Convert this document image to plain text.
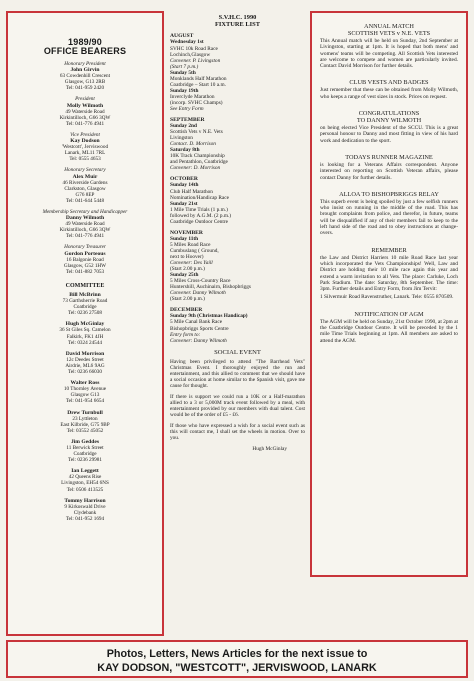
1989/90
OFFICE BEARERS
Honorary President
John Girvin
63 Cowdenhill Crescent
Glasgow, G13 2RB
Tel: 041-959 2420
President
Molly Wilmoth
49 Waterside Road
Kirkintilloch, G66 3QW
Tel: 041-776 4941
Vice President
Kay Dodson
'Westcott', Jerviswood
Lanark, ML11 7RL
Tel: 0555 4653
Honorary Secretary
Alex Muir
46 Riverside Gardens
Clarkston, Glasgow
G76 8EP
Tel: 041-644 5448
Membership Secretary and Handicapper
Danny Wilmoth
49 Waterside Road
Kirkintilloch, G66 3QW
Tel: 041-776 4941
Honorary Treasurer
Gordon Porteous
16 Balgonie Road
Glasgow, G52 1HW
Tel: 041-882 7053
COMMITTEE
Bill McBrinn
73 Garthsherrie Road
Coatbridge
Tel: 0236 27508
Hugh McGinlay
36 St Giles Sq. Camelon
Falkirk, FK1 4JH
Tel: 0324 24544
David Morrison
12c Deedes Street
Airdrie, ML6 9AG
Tel: 0236 66030
Walter Ross
10 Thornley Avenue
Glasgow G13
Tel: 041-954 6654
Drew Turnbull
23 Lyttleton
East Kilbride, G75 9BP
Tel: 03552 45052
Jim Geddes
11 Berwick Street
Coatbridge
Tel: 0236 29981
Ian Leggett
42 Queens Rise
Livingston, EH54 6NS
Tel: 0506 413525
Tommy Harrison
9 Kirkoswald Drive
Clydebank
Tel: 041-952 1694
S.V.H.C. 1990
FIXTURE LIST
AUGUST
Wednesday 1st
SVHC 10k Road Race
Lochinch,Glasgow
Convener. P. Livingston
(Start 7 p.m.)
Sunday 5th
Monklands Half Marathon
Coatbridge – Start 10 a.m.
Sunday 19th
Inverclyde Marathon
(incorp. SVHC Champs)
See Entry Form
SEPTEMBER
Sunday 2nd
Scottish Vets v N.E. Vets
Livingston
Contact. D. Morrison
Saturday 8th
10K Track Championship
and Pentathlon, Coatbridge
Convener: D. Morrison
OCTOBER
Sunday 14th
Club Half Marathon
Nomination/Handicap Race
Sunday 21st
1 Mile Time Trials (1 p.m.)
followed by A.G.M. (2 p.m.)
Coatbridge Outdoor Centre
NOVEMBER
Sunday 11th
5 Miles Road Race
Cumbuslang ( Ground,
next to Hoover)
Convener: Des Yaill
(Start 2.00 p.m.)
Sunday 25th
5 Miles Cross-Country Race
Huntershill, Auchinairn, Bishopbriggs
Convener. Danny Wilmoth
(Start 2.00 p.m.)
DECEMBER
Sunday 9th (Christmas Handicap)
5 Mile Canal Bank Race
Bishopbriggs Sports Centre
Entry form to:
Convener: Danny Wilmoth
SOCIAL EVENT

Having been privileged to attend "The Barrhead Vets" Christmas Event. I thoroughly enjoyed the run and entertainment, and this allied to comment that we should have a social occasion at home similar to the Spanish visit, gave me cause for thought.

If there is support we could run a 10K or a Half-marathon allied to a 3 or 5,000M track event followed by a meal, with entertainment provided by our members with dual talent. Cost would be of the order of £5 - £6.

If those who have expressed a wish for a social event such as this will contact me, I shall set the wheels in motion. Over to you.

Hugh McGinlay
ANNUAL MATCH
SCOTTISH VETS v N.E. VETS

This Annual match will be held on Sunday, 2nd September at Livingston, starting at 1pm. It is hoped that both mens' and womens' teams will be competing. All Scottish Vets interested are welcome to compete and women are particularly invited. Contact David Morrison for further details.

CLUB VESTS AND BADGES

Just remember that these can be obtained from Molly Wilmoth, who keeps a range of vest sizes in stock. Prices on request.

CONGRATULATIONS
TO DANNY WILMOTH

on being elected Vice President of the SCCU. This is a great personal honour to Danny and most fitting in view of his hard work and dedication to the sport.

TODAYS RUNNER MAGAZINE

is looking for a Veterans Affairs correspondent. Anyone interested on reporting on Scottish Veteran affairs, please contact Danny for further details.

ALLOA TO BISHOPBRIGGS RELAY

This superb event is being spoiled by just a few selfish runners who insist on running in the middle of the road. This has brought complaints from police, and therefor, in future, teams will be disqualified if any of their members fail to keep to the left hand side of the road and to obey instructions at change-overs.

REMEMBER

the Law and District Harriers 10 mile Road Race last year which incorporated the Vets Championships! Well, Law and District are holding their 10 mile race again this year and extend a warm invitation to all Vets. The place: Carluke, Loch Park Stadium. The date: Saturday, 8th September. The time: 3pm. Further details and Entry Form, from Jim Tervit:

1 Silvermuir Road Ravenstruther, Lanark. Tele: 0555 870509.

NOTIFICATION OF AGM

The AGM will be held on Sunday, 21st October 1990, at 2pm at the Coatbridge Outdoor Centre. It will be preceded by the 1 mile Time Trials beginning at 1pm. All members are asked to attend the AGM.

Photos, Letters, News Articles for the next issue to
KAY DODSON, "WESTCOTT", JERVISWOOD, LANARK
